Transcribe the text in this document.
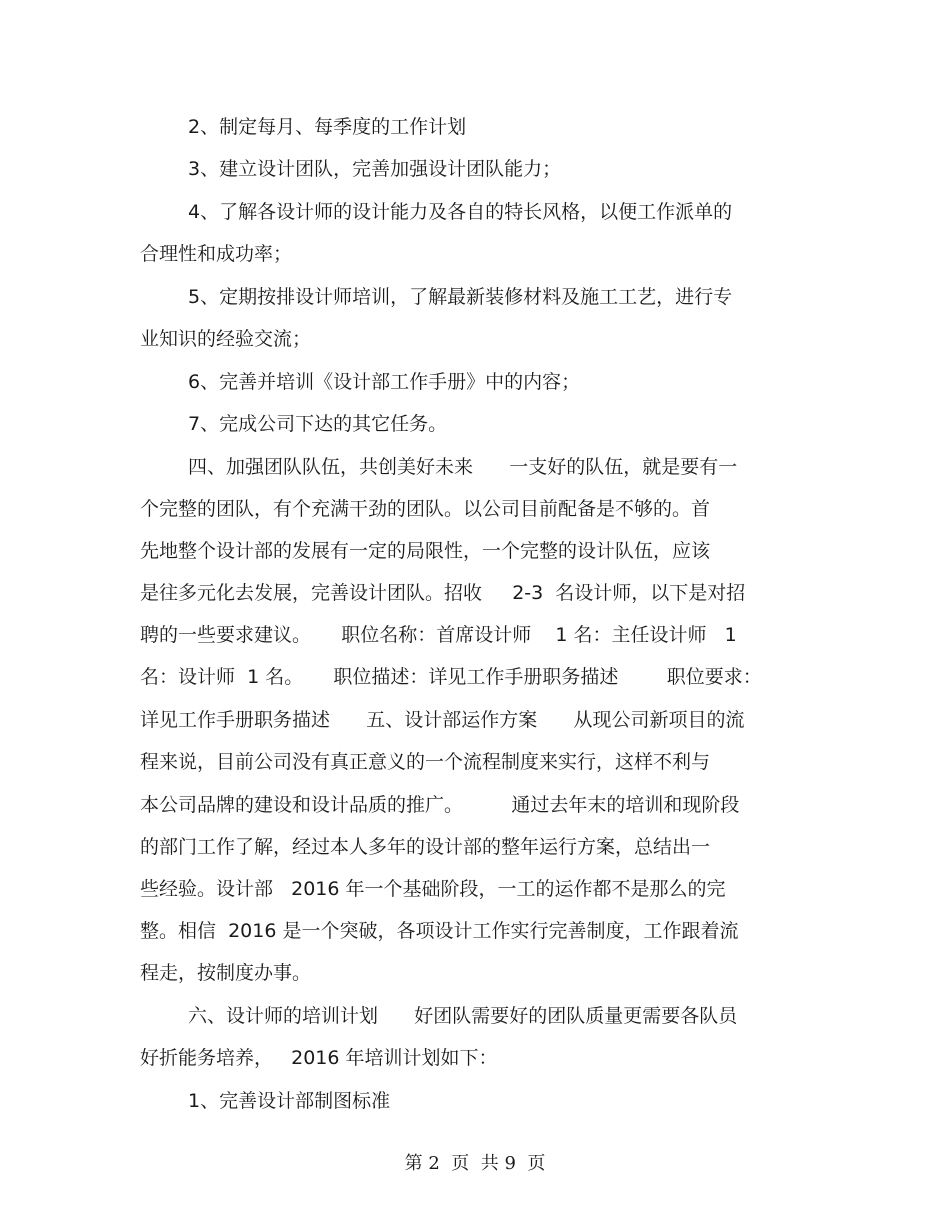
2、制定每月、每季度的工作计划
3、建立设计团队，完善加强设计团队能力；
4、了解各设计师的设计能力及各自的特长风格，以便工作派单的
合理性和成功率；
5、定期按排设计师培训，了解最新装修材料及施工工艺，进行专
业知识的经验交流；
6、完善并培训《设计部工作手册》中的内容；
7、完成公司下达的其它任务。
四、加强团队队伍，共创美好未来      一支好的队伍，就是要有一
个完整的团队，有个充满干劲的团队。以公司目前配备是不够的。首
先地整个设计部的发展有一定的局限性，一个完整的设计队伍，应该
是往多元化去发展，完善设计团队。招收     2-3  名设计师，以下是对招
聘的一些要求建议。     职位名称：首席设计师    1 名：主任设计师   1
名：设计师  1 名。     职位描述：详见工作手册职务描述        职位要求：
详见工作手册职务描述      五、设计部运作方案      从现公司新项目的流
程来说，目前公司没有真正意义的一个流程制度来实行，这样不利与
本公司品牌的建设和设计品质的推广。        通过去年末的培训和现阶段
的部门工作了解，经过本人多年的设计部的整年运行方案，总结出一
些经验。设计部   2016 年一个基础阶段，一工的运作都不是那么的完
整。相信  2016 是一个突破，各项设计工作实行完善制度，工作跟着流
程走，按制度办事。
六、设计师的培训计划      好团队需要好的团队质量更需要各队员
好折能务培养，   2016 年培训计划如下：
1、完善设计部制图标准
第 2  页  共 9  页
